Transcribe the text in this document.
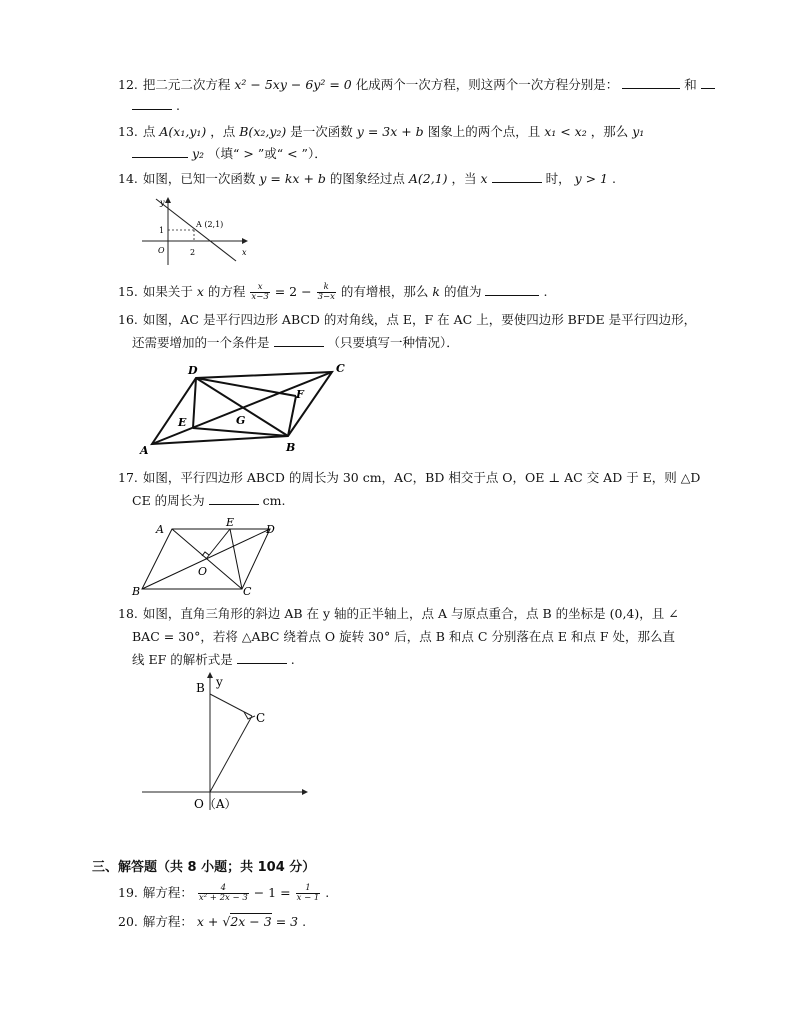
12. 把二元二次方程 x² − 5xy − 6y² = 0 化成两个一次方程，则这两个一次方程分别是：	和
.
13. 点 A(x₁,y₁) ，点 B(x₂,y₂) 是一次函数 y = 3x + b 图象上的两个点，且 x₁ < x₂ ，那么 y₁
y₂ （填“ > ”或“ < ”）．
14. 如图，已知一次函数 y = kx + b 的图象经过点 A(2,1) ，当 x	时， y > 1 .
y
x
O
1
2
A (2,1)
15. 如果关于 x 的方程 $\frac{x}{x-3} = 2 - \frac{k}{3-x}$ 的有增根，那么 k 的值为	.
16. 如图，AC 是平行四边形 ABCD 的对角线，点 E，F 在 AC 上，要使四边形 BFDE 是平行四边形，
还需要增加的一个条件是	（只要填写一种情况）．
A	B
C
D
E
F
G
17. 如图，平行四边形 ABCD 的周长为 30 cm，AC，BD 相交于点 O，OE ⊥ AC 交 AD 于 E，则 △D
CE 的周长为	cm.
A
B	C
D
E
O
18. 如图，直角三角形的斜边 AB 在 y 轴的正半轴上，点 A 与原点重合，点 B 的坐标是 (0,4)，且 ∠
BAC = 30°，若将 △ABC 绕着点 O 旋转 30° 后，点 B 和点 C 分别落在点 E 和点 F 处，那么直
线 EF 的解析式是	.
B y
C
O（A）
三、解答题（共 8 小题；共 104 分）
19. 解方程： $\frac{4}{\text{x² + 2x − 3}} - 1 = \frac{1}{x - 1}$ .
20. 解方程： x + √2x − 3 = 3 .
